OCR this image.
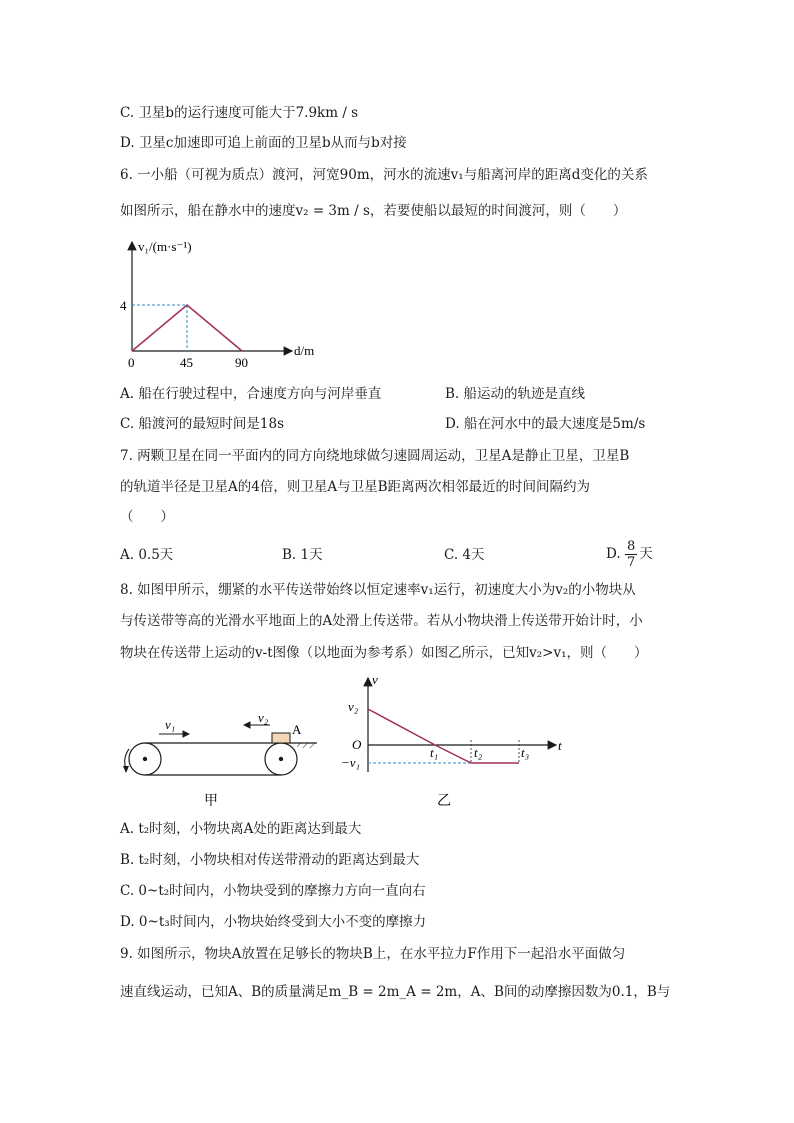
C. 卫星b的运行速度可能大于7.9km / s
D. 卫星c加速即可追上前面的卫星b从而与b对接
6. 一小船（可视为质点）渡河，河宽90m，河水的流速v₁与船离河岸的距离d变化的关系
如图所示，船在静水中的速度v₂ = 3m / s，若要使船以最短的时间渡河，则（　　）
v₁/(m·s⁻¹)
d/m
4
0	45	90
A. 船在行驶过程中，合速度方向与河岸垂直	B. 船运动的轨迹是直线
C. 船渡河的最短时间是18s	D. 船在河水中的最大速度是5m/s
7. 两颗卫星在同一平面内的同方向绕地球做匀速圆周运动，卫星A是静止卫星，卫星B
的轨道半径是卫星A的4倍，则卫星A与卫星B距离两次相邻最近的时间间隔约为
（　　）
A. 0.5天	B. 1天	C. 4天	D. $\frac{8}{7}$ 天
8. 如图甲所示，绷紧的水平传送带始终以恒定速率v₁运行，初速度大小为v₂的小物块从
与传送带等高的光滑水平地面上的A处滑上传送带。若从小物块滑上传送带开始计时，小
物块在传送带上运动的v-t图像（以地面为参考系）如图乙所示，已知v₂>v₁，则（　　）
A
v₁	v₂
甲
v
t
O
v₂
−v₁
t₁	t₂	t₃
乙
A. t₂时刻，小物块离A处的距离达到最大
B. t₂时刻，小物块相对传送带滑动的距离达到最大
C. 0~t₂时间内，小物块受到的摩擦力方向一直向右
D. 0~t₃时间内，小物块始终受到大小不变的摩擦力
9. 如图所示，物块A放置在足够长的物块B上，在水平拉力F作用下一起沿水平面做匀
速直线运动，已知A、B的质量满足m_B = 2m_A = 2m，A、B间的动摩擦因数为0.1，B与
